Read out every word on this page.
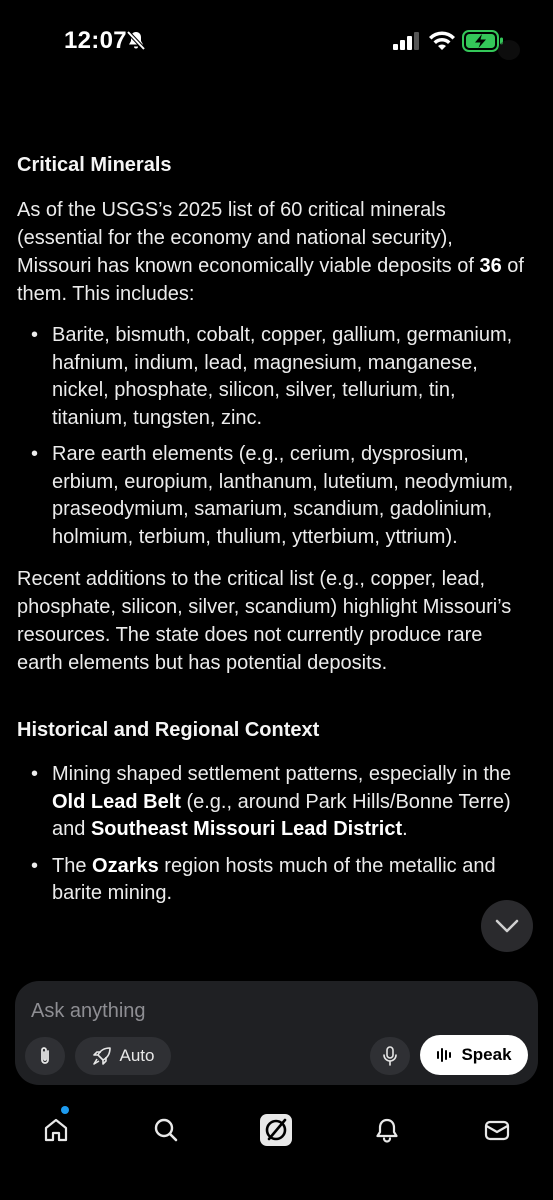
12:07
Critical Minerals

As of the USGS’s 2025 list of 60 critical minerals (essential for the economy and national security), Missouri has known economically viable deposits of 36 of them. This includes:

• Barite, bismuth, cobalt, copper, gallium, germanium, hafnium, indium, lead, magnesium, manganese, nickel, phosphate, silicon, silver, tellurium, tin, titanium, tungsten, zinc.
• Rare earth elements (e.g., cerium, dysprosium, erbium, europium, lanthanum, lutetium, neodymium, praseodymium, samarium, scandium, gadolinium, holmium, terbium, thulium, ytterbium, yttrium).

Recent additions to the critical list (e.g., copper, lead, phosphate, silicon, silver, scandium) highlight Missouri’s resources. The state does not currently produce rare earth elements but has potential deposits.

Historical and Regional Context
• Mining shaped settlement patterns, especially in the Old Lead Belt (e.g., around Park Hills/Bonne Terre) and Southeast Missouri Lead District.
• The Ozarks region hosts much of the metallic and barite mining.
Ask anything
Auto	Speak
